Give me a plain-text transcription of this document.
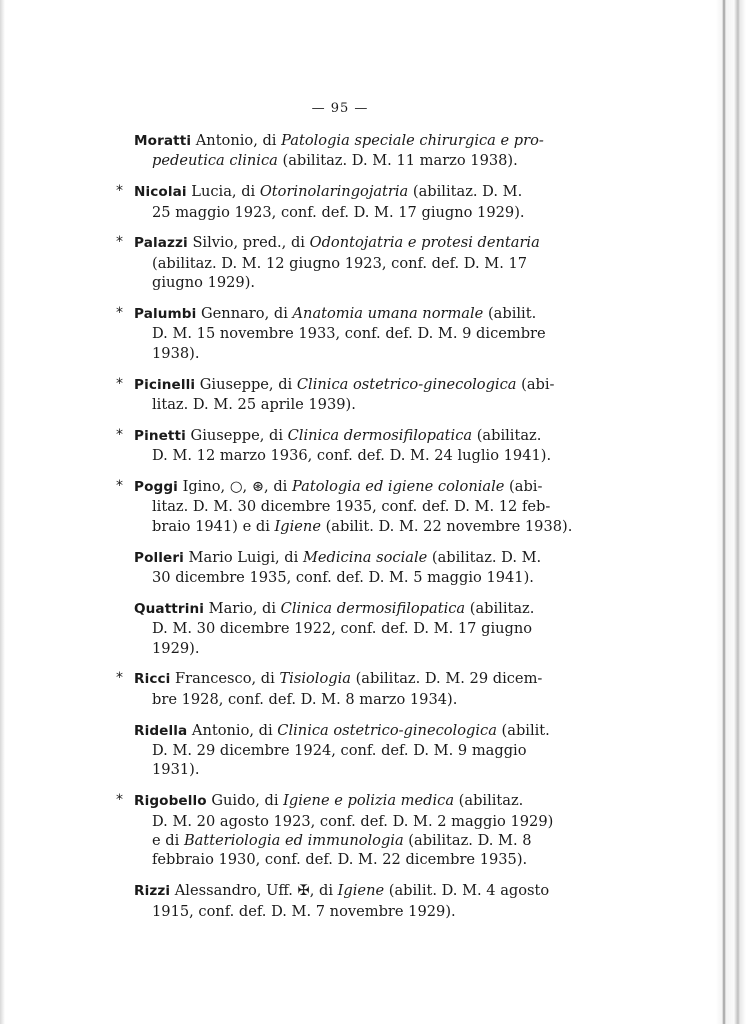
— 95 —
Moratti Antonio, di Patologia speciale chirurgica e pro-
pedeutica clinica (abilitaz. D. M. 11 marzo 1938).
* Nicolai Lucia, di Otorinolaringojatria (abilitaz. D. M.
25 maggio 1923, conf. def. D. M. 17 giugno 1929).
* Palazzi Silvio, pred., di Odontojatria e protesi dentaria
(abilitaz. D. M. 12 giugno 1923, conf. def. D. M. 17
giugno 1929).
* Palumbi Gennaro, di Anatomia umana normale (abilit.
D. M. 15 novembre 1933, conf. def. D. M. 9 dicembre
1938).
* Picinelli Giuseppe, di Clinica ostetrico-ginecologica (abi-
litaz. D. M. 25 aprile 1939).
* Pinetti Giuseppe, di Clinica dermosifilopatica (abilitaz.
D. M. 12 marzo 1936, conf. def. D. M. 24 luglio 1941).
* Poggi Igino, ○, ⊛, di Patologia ed igiene coloniale (abi-
litaz. D. M. 30 dicembre 1935, conf. def. D. M. 12 feb-
braio 1941) e di Igiene (abilit. D. M. 22 novembre 1938).
Polleri Mario Luigi, di Medicina sociale (abilitaz. D. M.
30 dicembre 1935, conf. def. D. M. 5 maggio 1941).
Quattrini Mario, di Clinica dermosifilopatica (abilitaz.
D. M. 30 dicembre 1922, conf. def. D. M. 17 giugno
1929).
* Ricci Francesco, di Tisiologia (abilitaz. D. M. 29 dicem-
bre 1928, conf. def. D. M. 8 marzo 1934).
Ridella Antonio, di Clinica ostetrico-ginecologica (abilit.
D. M. 29 dicembre 1924, conf. def. D. M. 9 maggio
1931).
* Rigobello Guido, di Igiene e polizia medica (abilitaz.
D. M. 20 agosto 1923, conf. def. D. M. 2 maggio 1929)
e di Batteriologia ed immunologia (abilitaz. D. M. 8
febbraio 1930, conf. def. D. M. 22 dicembre 1935).
Rizzi Alessandro, Uff. ✠, di Igiene (abilit. D. M. 4 agosto
1915, conf. def. D. M. 7 novembre 1929).
